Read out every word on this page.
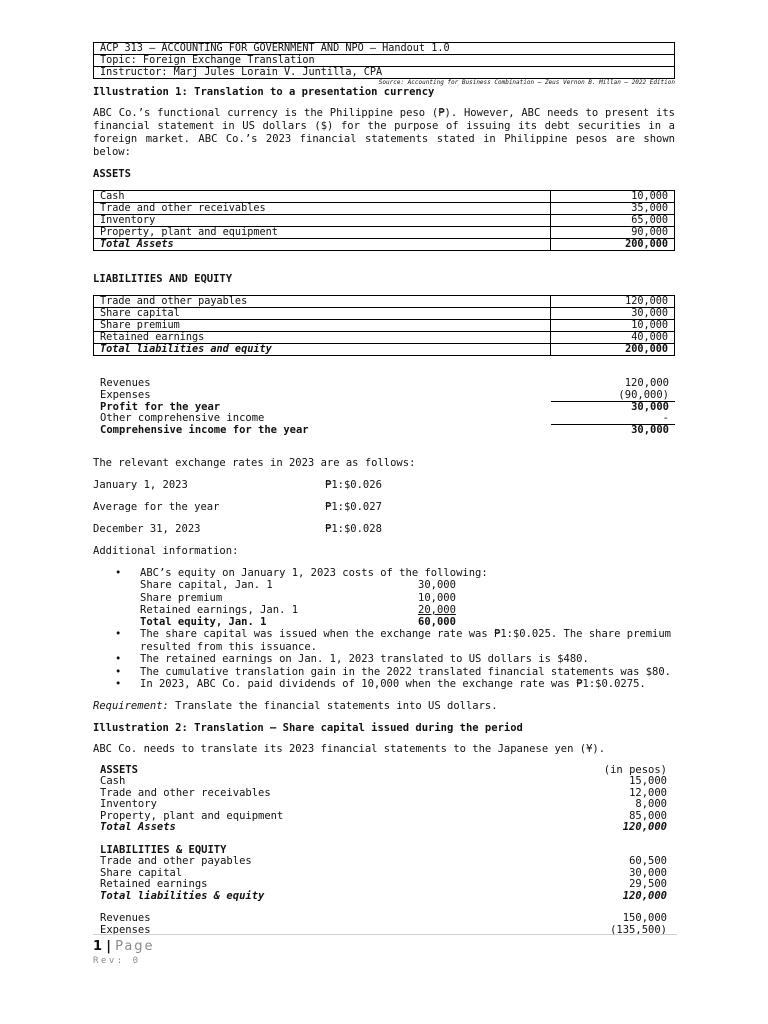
ACP 313 – ACCOUNTING FOR GOVERNMENT AND NPO – Handout 1.0
Topic: Foreign Exchange Translation
Instructor: Marj Jules Lorain V. Juntilla, CPA
Source: Accounting for Business Combination – Zeus Vernon B. Millan – 2022 Edition
Illustration 1: Translation to a presentation currency
ABC Co.’s functional currency is the Philippine peso (₱). However, ABC needs to present its financial statement in US dollars ($) for the purpose of issuing its debt securities in a foreign market. ABC Co.’s 2023 financial statements stated in Philippine pesos are shown below:
ASSETS
Cash	10,000
Trade and other receivables	35,000
Inventory	65,000
Property, plant and equipment	90,000
Total Assets	200,000
LIABILITIES AND EQUITY
Trade and other payables	120,000
Share capital	30,000
Share premium	10,000
Retained earnings	40,000
Total liabilities and equity	200,000
Revenues	120,000
Expenses	(90,000)
Profit for the year	30,000
Other comprehensive income	-
Comprehensive income for the year	30,000
The relevant exchange rates in 2023 are as follows:
January 1, 2023	₱1:$0.026
Average for the year	₱1:$0.027
December 31, 2023	₱1:$0.028
Additional information:
• ABC’s equity on January 1, 2023 costs of the following:
Share capital, Jan. 1	30,000
Share premium	10,000
Retained earnings, Jan. 1	20,000
Total equity, Jan. 1	60,000
• The share capital was issued when the exchange rate was ₱1:$0.025. The share premium resulted from this issuance.
• The retained earnings on Jan. 1, 2023 translated to US dollars is $480.
• The cumulative translation gain in the 2022 translated financial statements was $80.
• In 2023, ABC Co. paid dividends of 10,000 when the exchange rate was ₱1:$0.0275.
Requirement: Translate the financial statements into US dollars.
Illustration 2: Translation – Share capital issued during the period
ABC Co. needs to translate its 2023 financial statements to the Japanese yen (¥).
ASSETS	(in pesos)
Cash	15,000
Trade and other receivables	12,000
Inventory	8,000
Property, plant and equipment	85,000
Total Assets	120,000
LIABILITIES & EQUITY
Trade and other payables	60,500
Share capital	30,000
Retained earnings	29,500
Total liabilities & equity	120,000
Revenues	150,000
Expenses	(135,500)
1 | Page
Rev: 0
